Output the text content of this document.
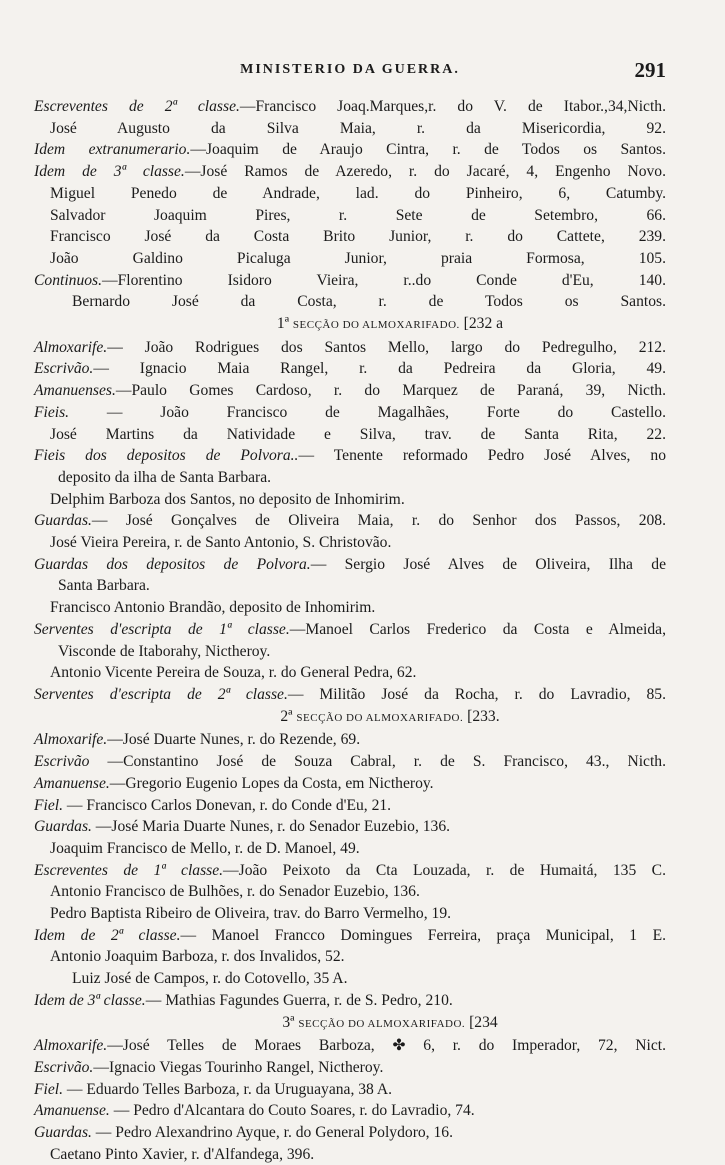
MINISTERIO DA GUERRA.	291
Escreventes de 2ª classe.—Francisco Joaq.Marques,r. do V. de Itabor.,34,Nicth.
José Augusto da Silva Maia, r. da Misericordia, 92.
Idem extranumerario.—Joaquim de Araujo Cintra, r. de Todos os Santos.
Idem de 3ª classe.—José Ramos de Azeredo, r. do Jacaré, 4, Engenho Novo.
Miguel Penedo de Andrade, lad. do Pinheiro, 6, Catumby.
Salvador Joaquim Pires, r. Sete de Setembro, 66.
Francisco José da Costa Brito Junior, r. do Cattete, 239.
João Galdino Picaluga Junior, praia Formosa, 105.
Continuos.—Florentino Isidoro Vieira, r..do Conde d'Eu, 140.
Bernardo José da Costa, r. de Todos os Santos.
1ª SECÇÃO DO ALMOXARIFADO. [232 a
Almoxarife.— João Rodrigues dos Santos Mello, largo do Pedregulho, 212.
Escrivão.— Ignacio Maia Rangel, r. da Pedreira da Gloria, 49.
Amanuenses.—Paulo Gomes Cardoso, r. do Marquez de Paraná, 39, Nicth.
Fieis. — João Francisco de Magalhães, Forte do Castello.
José Martins da Natividade e Silva, trav. de Santa Rita, 22.
Fieis dos depositos de Polvora..— Tenente reformado Pedro José Alves, no
deposito da ilha de Santa Barbara.
Delphim Barboza dos Santos, no deposito de Inhomirim.
Guardas.— José Gonçalves de Oliveira Maia, r. do Senhor dos Passos, 208.
José Vieira Pereira, r. de Santo Antonio, S. Christovão.
Guardas dos depositos de Polvora.— Sergio José Alves de Oliveira, Ilha de
Santa Barbara.
Francisco Antonio Brandão, deposito de Inhomirim.
Serventes d'escripta de 1ª classe.—Manoel Carlos Frederico da Costa e Almeida,
Visconde de Itaborahy, Nictheroy.
Antonio Vicente Pereira de Souza, r. do General Pedra, 62.
Serventes d'escripta de 2ª classe.— Militão José da Rocha, r. do Lavradio, 85.
2ª SECÇÃO DO ALMOXARIFADO. [233.
Almoxarife.—José Duarte Nunes, r. do Rezende, 69.
Escrivão —Constantino José de Souza Cabral, r. de S. Francisco, 43., Nicth.
Amanuense.—Gregorio Eugenio Lopes da Costa, em Nictheroy.
Fiel. — Francisco Carlos Donevan, r. do Conde d'Eu, 21.
Guardas. —José Maria Duarte Nunes, r. do Senador Euzebio, 136.
Joaquim Francisco de Mello, r. de D. Manoel, 49.
Escreventes de 1ª classe.—João Peixoto da Cta Louzada, r. de Humaitá, 135 C.
Antonio Francisco de Bulhões, r. do Senador Euzebio, 136.
Pedro Baptista Ribeiro de Oliveira, trav. do Barro Vermelho, 19.
Idem de 2ª classe.— Manoel Francco Domingues Ferreira, praça Municipal, 1 E.
Antonio Joaquim Barboza, r. dos Invalidos, 52.
Luiz José de Campos, r. do Cotovello, 35 A.
Idem de 3ª classe.— Mathias Fagundes Guerra, r. de S. Pedro, 210.
3ª SECÇÃO DO ALMOXARIFADO. [234
Almoxarife.—José Telles de Moraes Barboza, ✤ 6, r. do Imperador, 72, Nict.
Escrivão.—Ignacio Viegas Tourinho Rangel, Nictheroy.
Fiel. — Eduardo Telles Barboza, r. da Uruguayana, 38 A.
Amanuense. — Pedro d'Alcantara do Couto Soares, r. do Lavradio, 74.
Guardas. — Pedro Alexandrino Ayque, r. do General Polydoro, 16.
Caetano Pinto Xavier, r. d'Alfandega, 396.
